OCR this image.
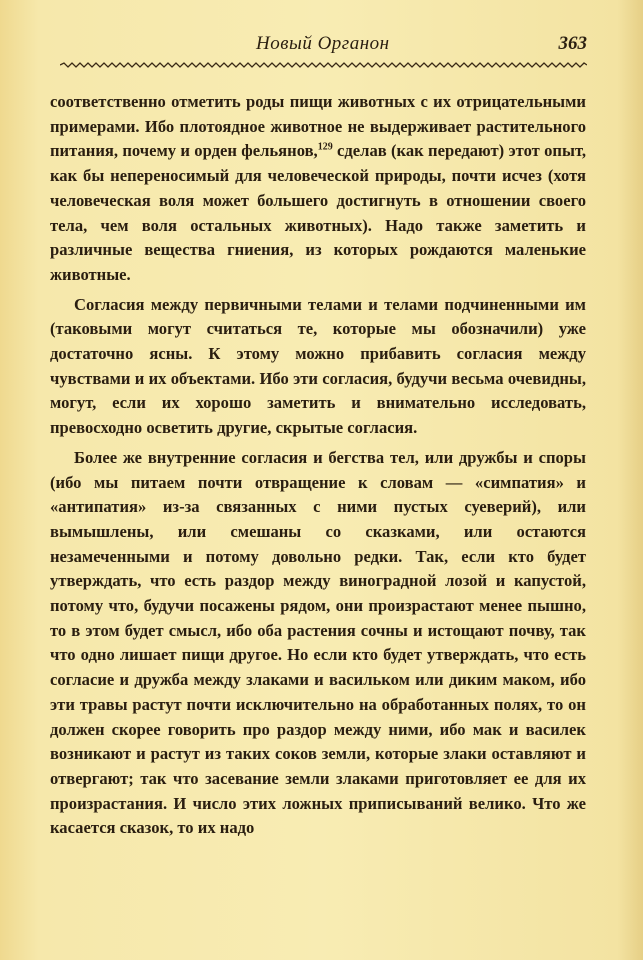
Новый Органон	363

соответственно отметить роды пищи животных с их отрицательными примерами. Ибо плотоядное животное не выдерживает растительного питания, почему и орден фельянов,$^{129}$ сделав (как передают) этот опыт, как бы непереносимый для человеческой природы, почти исчез (хотя человеческая воля может большего достигнуть в отношении своего тела, чем воля остальных животных). Надо также заметить и различные вещества гниения, из которых рождаются маленькие животные.

Согласия между первичными телами и телами подчиненными им (таковыми могут считаться те, которые мы обозначили) уже достаточно ясны. К этому можно прибавить согласия между чувствами и их объектами. Ибо эти согласия, будучи весьма очевидны, могут, если их хорошо заметить и внимательно исследовать, превосходно осветить другие, скрытые согласия.

Более же внутренние согласия и бегства тел, или дружбы и споры (ибо мы питаем почти отвращение к словам — «симпатия» и «антипатия» из-за связанных с ними пустых суеверий), или вымышлены, или смешаны со сказками, или остаются незамеченными и потому довольно редки. Так, если кто будет утверждать, что есть раздор между виноградной лозой и капустой, потому что, будучи посажены рядом, они произрастают менее пышно, то в этом будет смысл, ибо оба растения сочны и истощают почву, так что одно лишает пищи другое. Но если кто будет утверждать, что есть согласие и дружба между злаками и васильком или диким маком, ибо эти травы растут почти исключительно на обработанных полях, то он должен скорее говорить про раздор между ними, ибо мак и василек возникают и растут из таких соков земли, которые злаки оставляют и отвергают; так что засевание земли злаками приготовляет ее для их произрастания. И число этих ложных приписываний велико. Что же касается сказок, то их надо
